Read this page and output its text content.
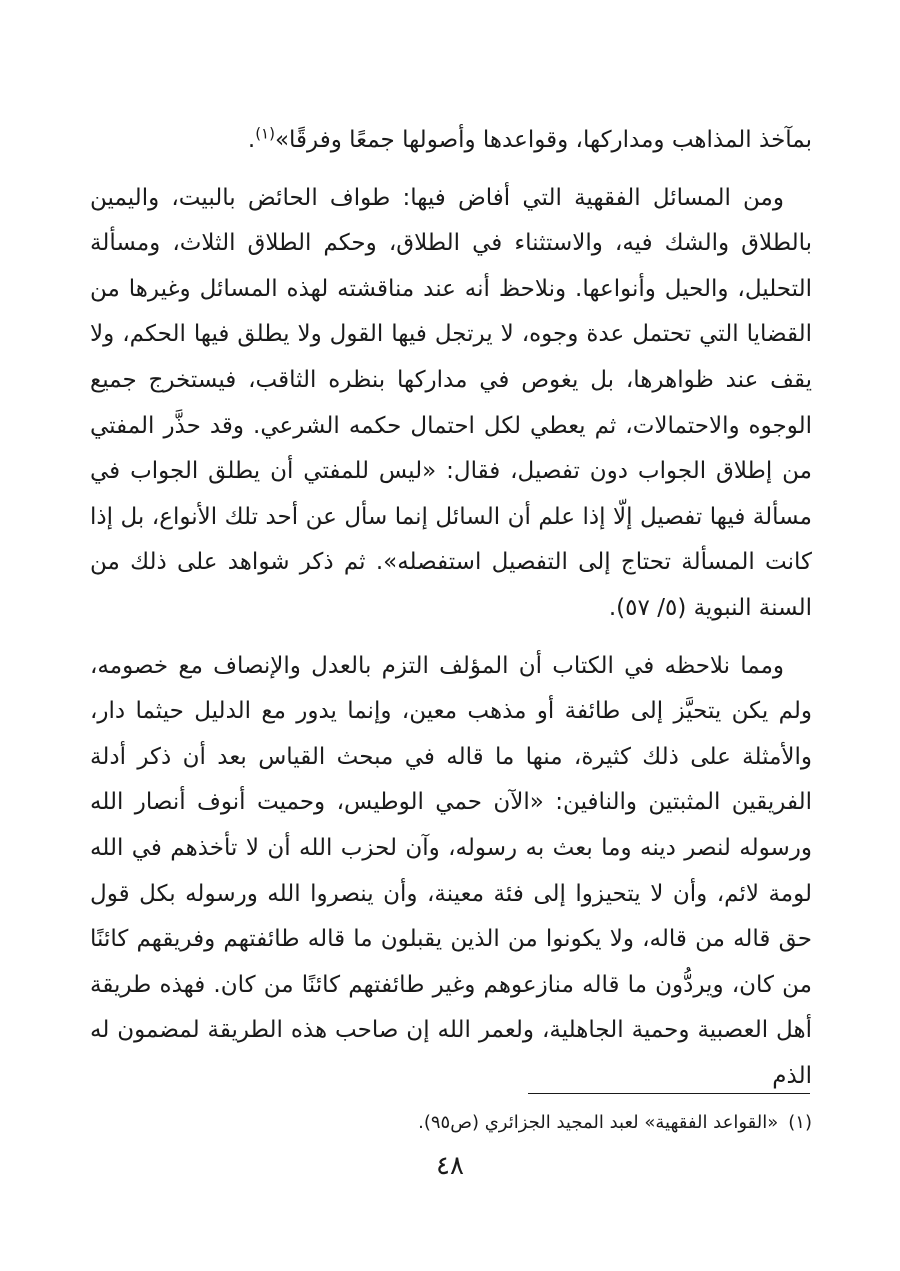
بمآخذ المذاهب ومداركها، وقواعدها وأصولها جمعًا وفرقًا»$^{(١)}$.

ومن المسائل الفقهية التي أفاض فيها: طواف الحائض بالبيت، واليمين بالطلاق والشك فيه، والاستثناء في الطلاق، وحكم الطلاق الثلاث، ومسألة التحليل، والحيل وأنواعها. ونلاحظ أنه عند مناقشته لهذه المسائل وغيرها من القضايا التي تحتمل عدة وجوه، لا يرتجل فيها القول ولا يطلق فيها الحكم، ولا يقف عند ظواهرها، بل يغوص في مداركها بنظره الثاقب، فيستخرج جميع الوجوه والاحتمالات، ثم يعطي لكل احتمال حكمه الشرعي. وقد حذَّر المفتي من إطلاق الجواب دون تفصيل، فقال: «ليس للمفتي أن يطلق الجواب في مسألة فيها تفصيل إلّا إذا علم أن السائل إنما سأل عن أحد تلك الأنواع، بل إذا كانت المسألة تحتاج إلى التفصيل استفصله». ثم ذكر شواهد على ذلك من السنة النبوية (٥/ ٥٧).

ومما نلاحظه في الكتاب أن المؤلف التزم بالعدل والإنصاف مع خصومه، ولم يكن يتحيَّز إلى طائفة أو مذهب معين، وإنما يدور مع الدليل حيثما دار، والأمثلة على ذلك كثيرة، منها ما قاله في مبحث القياس بعد أن ذكر أدلة الفريقين المثبتين والنافين: «الآن حمي الوطيس، وحميت أنوف أنصار الله ورسوله لنصر دينه وما بعث به رسوله، وآن لحزب الله أن لا تأخذهم في الله لومة لائم، وأن لا يتحيزوا إلى فئة معينة، وأن ينصروا الله ورسوله بكل قول حق قاله من قاله، ولا يكونوا من الذين يقبلون ما قاله طائفتهم وفريقهم كائنًا من كان، ويردُّون ما قاله منازعوهم وغير طائفتهم كائنًا من كان. فهذه طريقة أهل العصبية وحمية الجاهلية، ولعمر الله إن صاحب هذه الطريقة لمضمون له الذم

(١)«القواعد الفقهية» لعبد المجيد الجزائري (ص٩٥).
٤٨
